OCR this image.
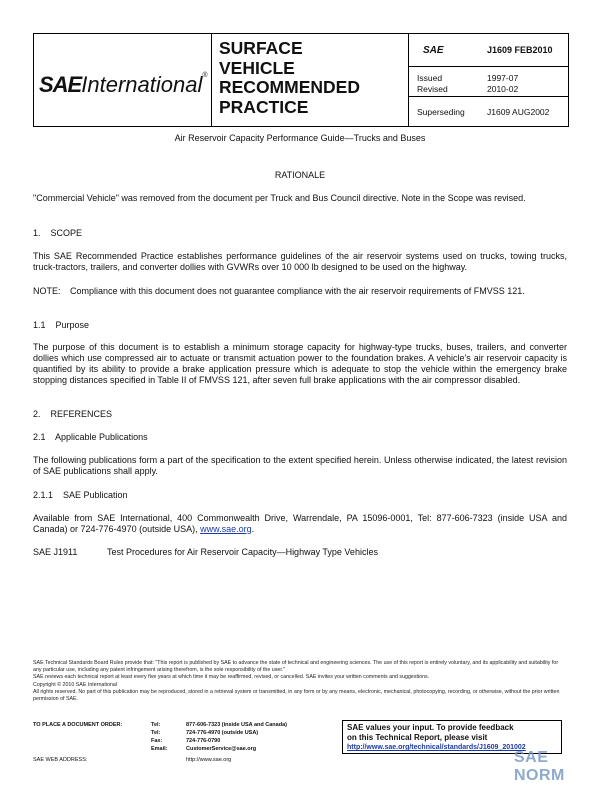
SAEInternational®
SURFACE
VEHICLE
RECOMMENDED
PRACTICE
SAE	J1609 FEB2010
Issued	1997-07
Revised	2010-02
Superseding	J1609 AUG2002
Air Reservoir Capacity Performance Guide—Trucks and Buses
RATIONALE
"Commercial Vehicle" was removed from the document per Truck and Bus Council directive. Note in the Scope was revised.
1.    SCOPE
This SAE Recommended Practice establishes performance guidelines of the air reservoir systems used on trucks, towing trucks, truck-tractors, trailers, and converter dollies with GVWRs over 10 000 lb designed to be used on the highway.
NOTE: Compliance with this document does not guarantee compliance with the air reservoir requirements of FMVSS 121.
1.1    Purpose
The purpose of this document is to establish a minimum storage capacity for highway-type trucks, buses, trailers, and converter dollies which use compressed air to actuate or transmit actuation power to the foundation brakes. A vehicle's air reservoir capacity is quantified by its ability to provide a brake application pressure which is adequate to stop the vehicle within the emergency brake stopping distances specified in Table II of FMVSS 121, after seven full brake applications with the air compressor disabled.
2.    REFERENCES
2.1    Applicable Publications
The following publications form a part of the specification to the extent specified herein. Unless otherwise indicated, the latest revision of SAE publications shall apply.
2.1.1    SAE Publication
Available from SAE International, 400 Commonwealth Drive, Warrendale, PA 15096-0001, Tel: 877-606-7323 (inside USA and Canada) or 724-776-4970 (outside USA), www.sae.org.
SAE J1911	Test Procedures for Air Reservoir Capacity—Highway Type Vehicles

SAE Technical Standards Board Rules provide that: "This report is published by SAE to advance the state of technical and engineering sciences. The use of this report is entirely voluntary, and its applicability and suitability for any particular use, including any patent infringement arising therefrom, is the sole responsibility of the user."

SAE reviews each technical report at least every five years at which time it may be reaffirmed, revised, or cancelled. SAE invites your written comments and suggestions.

Copyright © 2010 SAE International

All rights reserved. No part of this publication may be reproduced, stored in a retrieval system or transmitted, in any form or by any means, electronic, mechanical, photocopying, recording, or otherwise, without the prior written permission of SAE.

TO PLACE A DOCUMENT ORDER:	Tel:	877-606-7323 (inside USA and Canada)
Tel:	724-776-4970 (outside USA)
Fax:	724-776-0790
Email:	CustomerService@sae.org
SAE WEB ADDRESS:	http://www.sae.org
SAE values your input. To provide feedback
on this Technical Report, please visit
http://www.sae.org/technical/standards/J1609_201002
SAE NORM
